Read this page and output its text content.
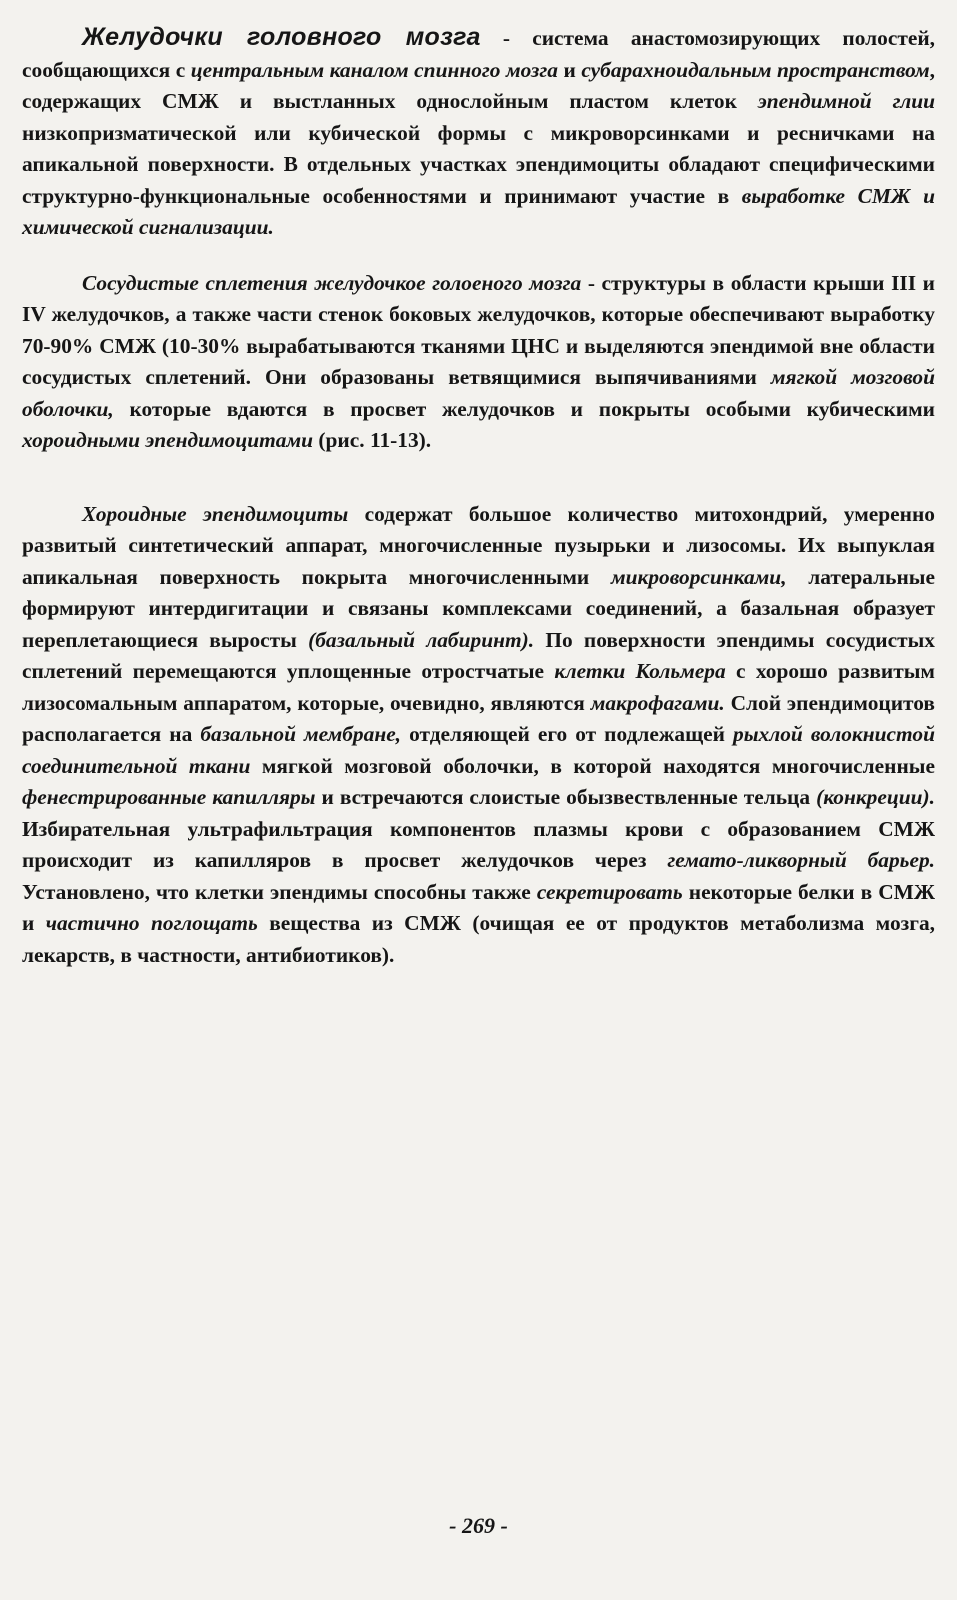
Желудочки головного мозга - система анастомозирующих полостей, сообщающихся с центральным каналом спинного мозга и субарахноидальным пространством, содержащих СМЖ и выстланных однослойным пластом клеток эпендимной глии низкопризматической или кубической формы с микроворсинками и ресничками на апикальной поверхности. В отдельных участках эпендимоциты обладают специфическими структурно-функциональные особенностями и принимают участие в выработке СМЖ и химической сигнализации.

Сосудистые сплетения желудочкое голоеного мозга - структуры в области крыши III и IV желудочков, а также части стенок боковых желудочков, которые обеспечивают выработку 70-90% СМЖ (10-30% вырабатываются тканями ЦНС и выделяются эпендимой вне области сосудистых сплетений. Они образованы ветвящимися выпячиваниями мягкой мозговой оболочки, которые вдаются в просвет желудочков и покрыты особыми кубическими хороидными эпендимоцитами (рис. 11-13).

Хороидные эпендимоциты содержат большое количество митохондрий, умеренно развитый синтетический аппарат, многочисленные пузырьки и лизосомы. Их выпуклая апикальная поверхность покрыта многочисленными микроворсинками, латеральные формируют интердигитации и связаны комплексами соединений, а базальная образует переплетающиеся выросты (базальный лабиринт). По поверхности эпендимы сосудистых сплетений перемещаются уплощенные отростчатые клетки Кольмера с хорошо развитым лизосомальным аппаратом, которые, очевидно, являются макрофагами. Слой эпендимоцитов располагается на базальной мембране, отделяющей его от подлежащей рыхлой волокнистой соединительной ткани мягкой мозговой оболочки, в которой находятся многочисленные фенестрированные капилляры и встречаются слоистые обызвествленные тельца (конкреции). Избирательная ультрафильтрация компонентов плазмы крови с образованием СМЖ происходит из капилляров в просвет желудочков через гемато-ликворный барьер. Установлено, что клетки эпендимы способны также секретировать некоторые белки в СМЖ и частично поглощать вещества из СМЖ (очищая ее от продуктов метаболизма мозга, лекарств, в частности, антибиотиков).

- 269 -
